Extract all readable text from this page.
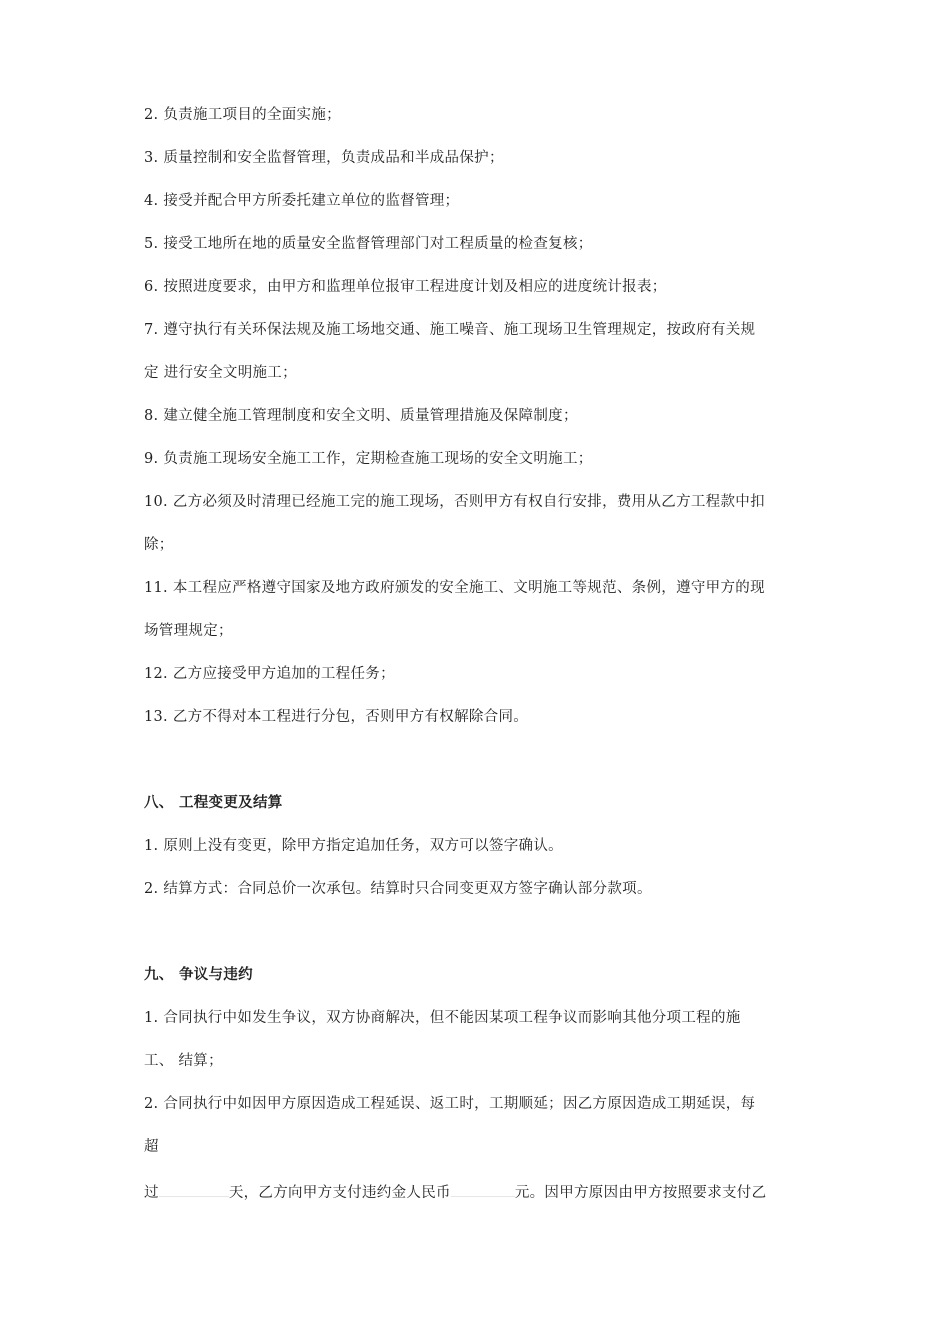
2. 负责施工项目的全面实施；
3. 质量控制和安全监督管理，负责成品和半成品保护；
4. 接受并配合甲方所委托建立单位的监督管理；
5. 接受工地所在地的质量安全监督管理部门对工程质量的检查复核；
6. 按照进度要求，由甲方和监理单位报审工程进度计划及相应的进度统计报表；
7. 遵守执行有关环保法规及施工场地交通、施工噪音、施工现场卫生管理规定，按政府有关规
定 进行安全文明施工；
8. 建立健全施工管理制度和安全文明、质量管理措施及保障制度；
9. 负责施工现场安全施工工作，定期检查施工现场的安全文明施工；
10. 乙方必须及时清理已经施工完的施工现场，否则甲方有权自行安排，费用从乙方工程款中扣
除；
11. 本工程应严格遵守国家及地方政府颁发的安全施工、文明施工等规范、条例，遵守甲方的现
场管理规定；
12. 乙方应接受甲方追加的工程任务；
13. 乙方不得对本工程进行分包，否则甲方有权解除合同。
八、 工程变更及结算
1. 原则上没有变更，除甲方指定追加任务，双方可以签字确认。
2. 结算方式：合同总价一次承包。结算时只合同变更双方签字确认部分款项。
九、 争议与违约
1. 合同执行中如发生争议，双方协商解决，但不能因某项工程争议而影响其他分项工程的施
工、 结算；
2. 合同执行中如因甲方原因造成工程延误、返工时，工期顺延；因乙方原因造成工期延误，每
超
过	天，乙方向甲方支付违约金人民币	元。因甲方原因由甲方按照要求支付乙
